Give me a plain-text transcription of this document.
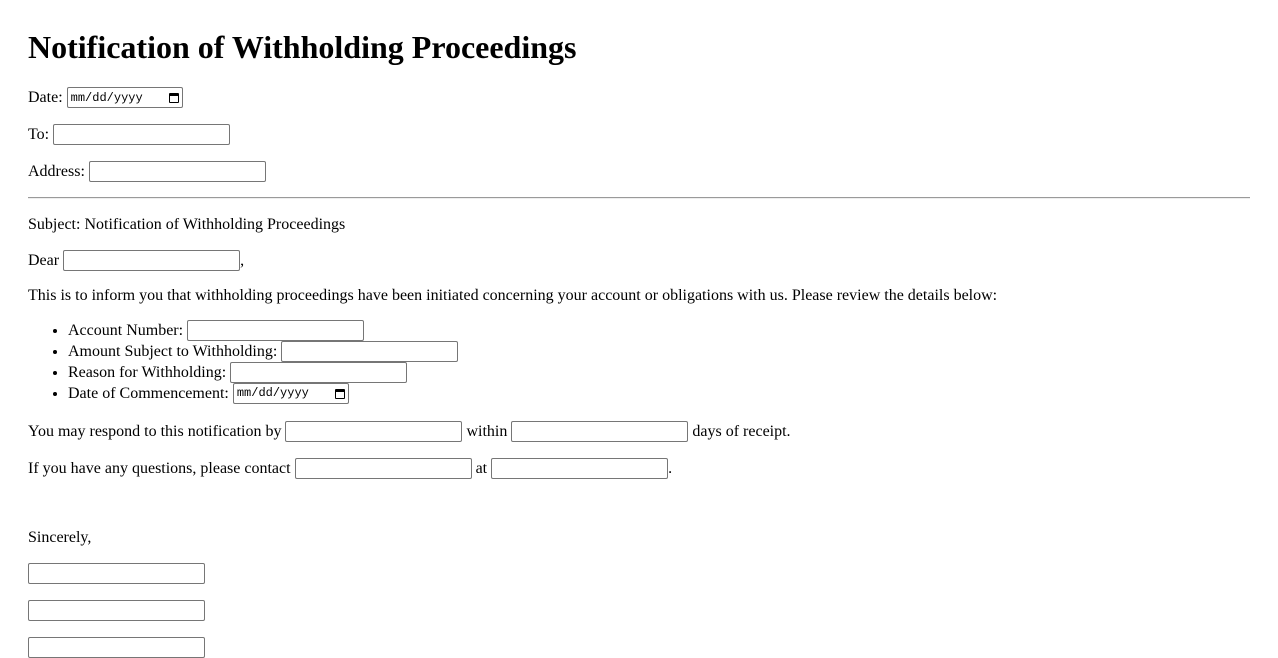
Notification of Withholding Proceedings
Date: mm/dd/yyyy
To:
Address:
Subject: Notification of Withholding Proceedings
Dear	,
This is to inform you that withholding proceedings have been initiated concerning your account or obligations with us. Please review the details below:
• Account Number:
• Amount Subject to Withholding:
• Reason for Withholding:
• Date of Commencement: mm/dd/yyyy
You may respond to this notification by	within	days of receipt.
If you have any questions, please contact	at	.
Sincerely,
